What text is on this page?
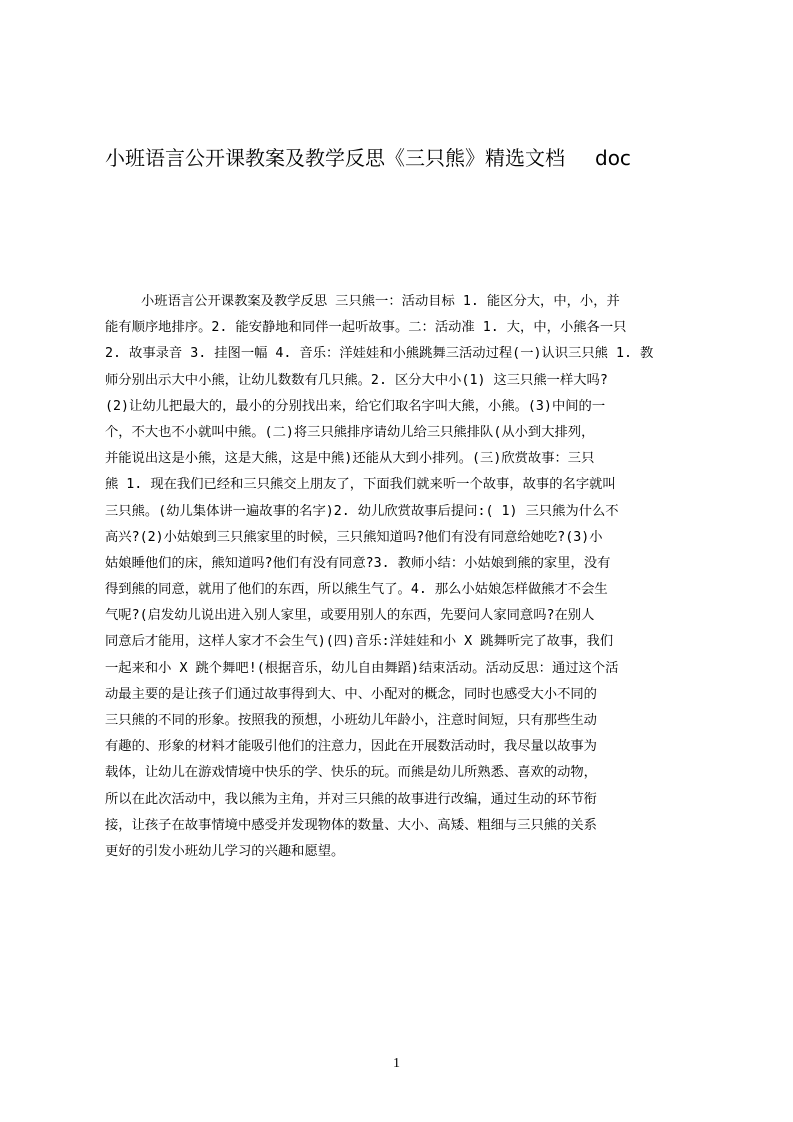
小班语言公开课教案及教学反思《三只熊》精选文档 doc
小班语言公开课教案及教学反思 三只熊一：活动目标 1. 能区分大，中，小，并
能有顺序地排序。2. 能安静地和同伴一起听故事。二：活动准 1. 大，中，小熊各一只
2. 故事录音 3. 挂图一幅 4. 音乐：洋娃娃和小熊跳舞三活动过程(一)认识三只熊 1. 教
师分别出示大中小熊，让幼儿数数有几只熊。2. 区分大中小(1) 这三只熊一样大吗?
(2)让幼儿把最大的，最小的分别找出来，给它们取名字叫大熊，小熊。(3)中间的一
个，不大也不小就叫中熊。(二)将三只熊排序请幼儿给三只熊排队(从小到大排列，
并能说出这是小熊，这是大熊，这是中熊)还能从大到小排列。(三)欣赏故事：三只
熊 1. 现在我们已经和三只熊交上朋友了，下面我们就来听一个故事，故事的名字就叫
三只熊。(幼儿集体讲一遍故事的名字)2. 幼儿欣赏故事后提问:( 1) 三只熊为什么不
高兴?(2)小姑娘到三只熊家里的时候，三只熊知道吗?他们有没有同意给她吃?(3)小
姑娘睡他们的床，熊知道吗?他们有没有同意?3. 教师小结：小姑娘到熊的家里，没有
得到熊的同意，就用了他们的东西，所以熊生气了。4. 那么小姑娘怎样做熊才不会生
气呢?(启发幼儿说出进入别人家里，或要用别人的东西，先要问人家同意吗?在别人
同意后才能用，这样人家才不会生气)(四)音乐:洋娃娃和小 X 跳舞听完了故事，我们
一起来和小 X 跳个舞吧!(根据音乐，幼儿自由舞蹈)结束活动。活动反思：通过这个活
动最主要的是让孩子们通过故事得到大、中、小配对的概念，同时也感受大小不同的
三只熊的不同的形象。按照我的预想，小班幼儿年龄小，注意时间短，只有那些生动
有趣的、形象的材料才能吸引他们的注意力，因此在开展数活动时，我尽量以故事为
载体，让幼儿在游戏情境中快乐的学、快乐的玩。而熊是幼儿所熟悉、喜欢的动物，
所以在此次活动中，我以熊为主角，并对三只熊的故事进行改编，通过生动的环节衔
接，让孩子在故事情境中感受并发现物体的数量、大小、高矮、粗细与三只熊的关系
更好的引发小班幼儿学习的兴趣和愿望。
1
